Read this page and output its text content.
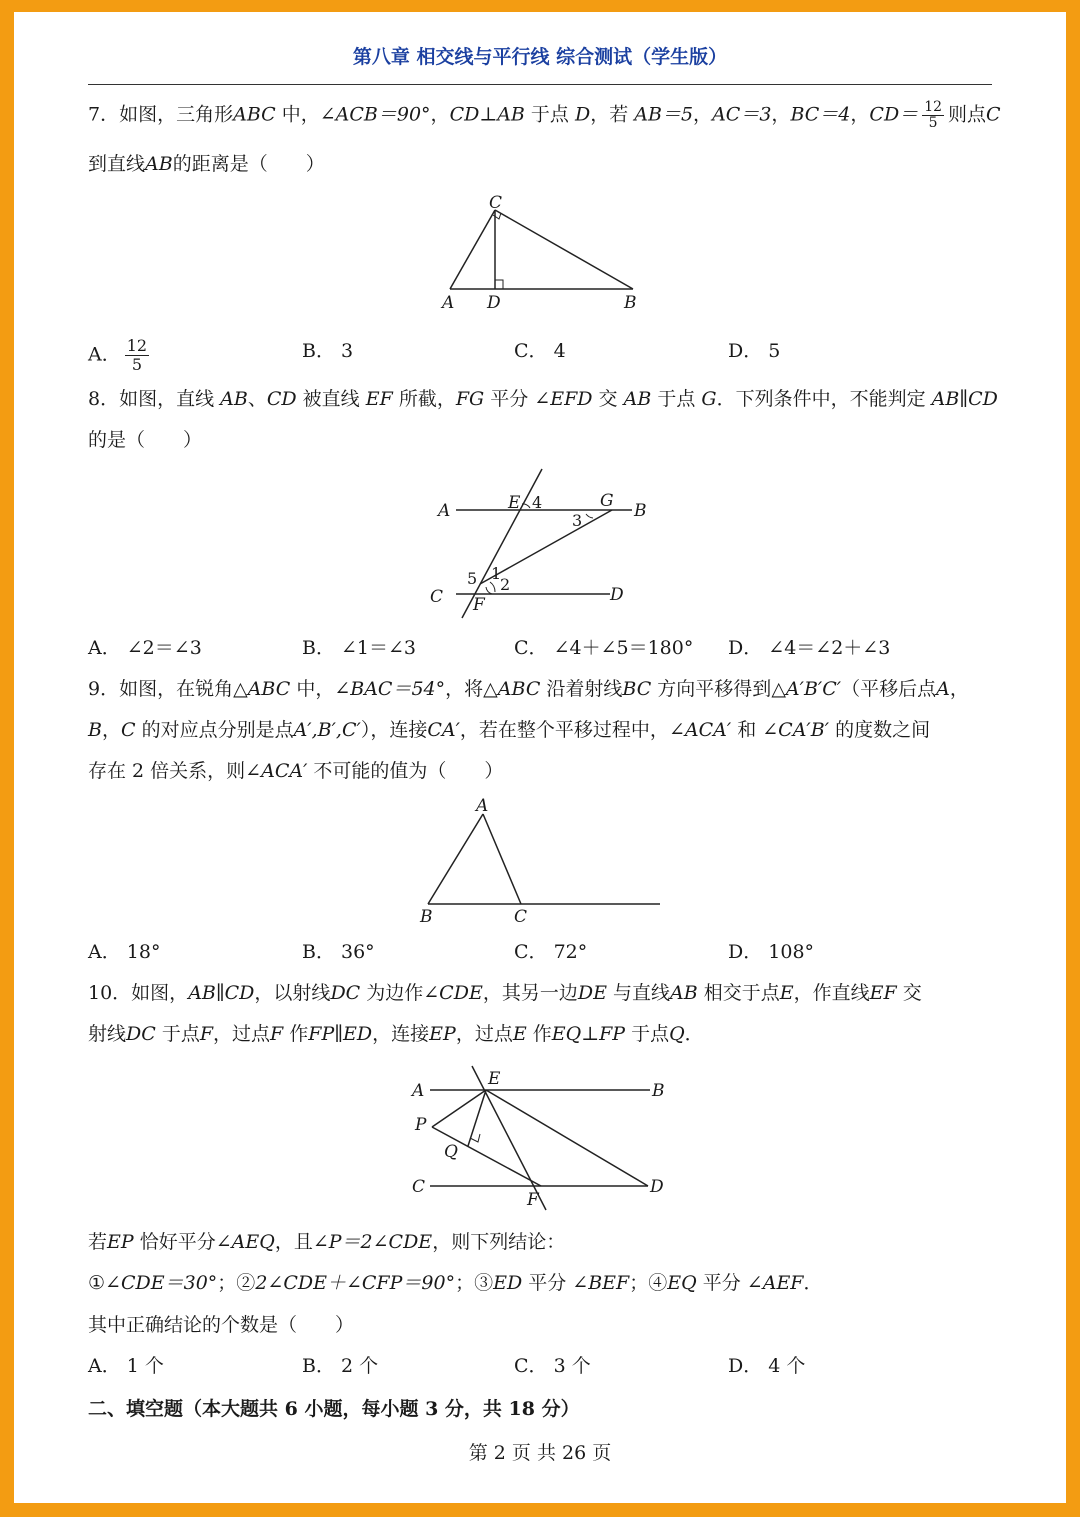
第八章 相交线与平行线 综合测试（学生版）
7．如图，三角形ABC 中，∠ACB＝90°，CD⊥AB 于点 D，若 AB＝5，AC＝3，BC＝4，$CD= \frac{12}{5}$ 则点C
到直线AB的距离是（　　）
C
A D	B
A． $\frac{12}{5}$	B． 3	C． 4	D． 5
8．如图，直线 AB、CD 被直线 EF 所截，FG 平分 ∠EFD 交 AB 于点 G．下列条件中，不能判定 AB∥CD
的是（　　）
A	E 4	G B
3
1
2
5
C F	D
A． ∠2＝∠3	B． ∠1＝∠3	C． ∠4＋∠5＝180° D． ∠4＝∠2＋∠3
9．如图，在锐角△ABC 中，∠BAC＝54°，将△ABC 沿着射线BC 方向平移得到△A′B′C′（平移后点A，
B，C 的对应点分别是点A′,B′,C′），连接CA′，若在整个平移过程中，∠ACA′ 和 ∠CA′B′ 的度数之间
存在 2 倍关系，则∠ACA′ 不可能的值为（　　）
A
B	C
A． 18°	B． 36°	C． 72°	D． 108°
10．如图，AB∥CD，以射线DC 为边作∠CDE，其另一边DE 与直线AB 相交于点E，作直线EF 交
射线DC 于点F，过点F 作FP∥ED，连接EP，过点E 作EQ⊥FP 于点Q．
A
E
B
P
Q
C
F
D
若EP 恰好平分∠AEQ，且∠P＝2∠CDE，则下列结论：
①∠CDE＝30°；②2∠CDE＋∠CFP＝90°；③ED 平分 ∠BEF；④EQ 平分 ∠AEF．
其中正确结论的个数是（　　）
A． 1 个	B． 2 个	C． 3 个	D． 4 个
二、填空题（本大题共 6 小题，每小题 3 分，共 18 分）
第 2 页 共 26 页
